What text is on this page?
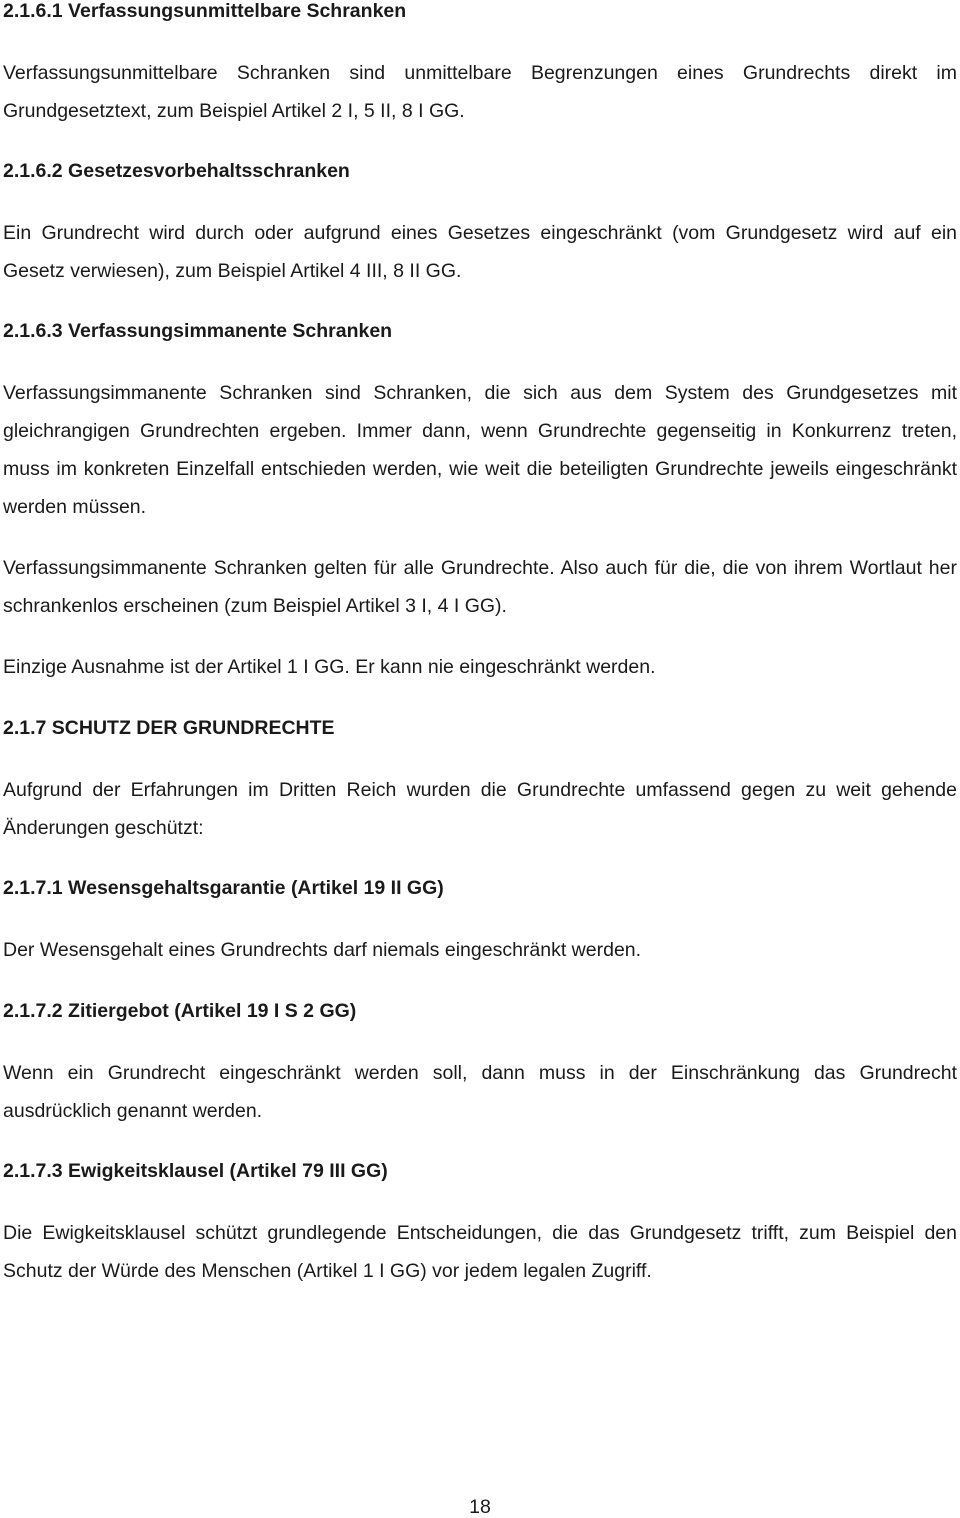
2.1.6.1 Verfassungsunmittelbare Schranken

Verfassungsunmittelbare Schranken sind unmittelbare Begrenzungen eines Grundrechts direkt im Grundgesetztext, zum Beispiel Artikel 2 I, 5 II, 8 I GG.

2.1.6.2 Gesetzesvorbehaltsschranken

Ein Grundrecht wird durch oder aufgrund eines Gesetzes eingeschränkt (vom Grundgesetz wird auf ein Gesetz verwiesen), zum Beispiel Artikel 4 III, 8 II GG.

2.1.6.3 Verfassungsimmanente Schranken

Verfassungsimmanente Schranken sind Schranken, die sich aus dem System des Grundgesetzes mit gleichrangigen Grundrechten ergeben. Immer dann, wenn Grundrechte gegenseitig in Konkurrenz treten, muss im konkreten Einzelfall entschieden werden, wie weit die beteiligten Grundrechte jeweils eingeschränkt werden müssen.

Verfassungsimmanente Schranken gelten für alle Grundrechte. Also auch für die, die von ihrem Wortlaut her schrankenlos erscheinen (zum Beispiel Artikel 3 I, 4 I GG).

Einzige Ausnahme ist der Artikel 1 I GG. Er kann nie eingeschränkt werden.

2.1.7 SCHUTZ DER GRUNDRECHTE

Aufgrund der Erfahrungen im Dritten Reich wurden die Grundrechte umfassend gegen zu weit gehende Änderungen geschützt:

2.1.7.1 Wesensgehaltsgarantie (Artikel 19 II GG)

Der Wesensgehalt eines Grundrechts darf niemals eingeschränkt werden.

2.1.7.2 Zitiergebot (Artikel 19 I S 2 GG)

Wenn ein Grundrecht eingeschränkt werden soll, dann muss in der Einschränkung das Grundrecht ausdrücklich genannt werden.

2.1.7.3 Ewigkeitsklausel (Artikel 79 III GG)

Die Ewigkeitsklausel schützt grundlegende Entscheidungen, die das Grundgesetz trifft, zum Beispiel den Schutz der Würde des Menschen (Artikel 1 I GG) vor jedem legalen Zugriff.

18
